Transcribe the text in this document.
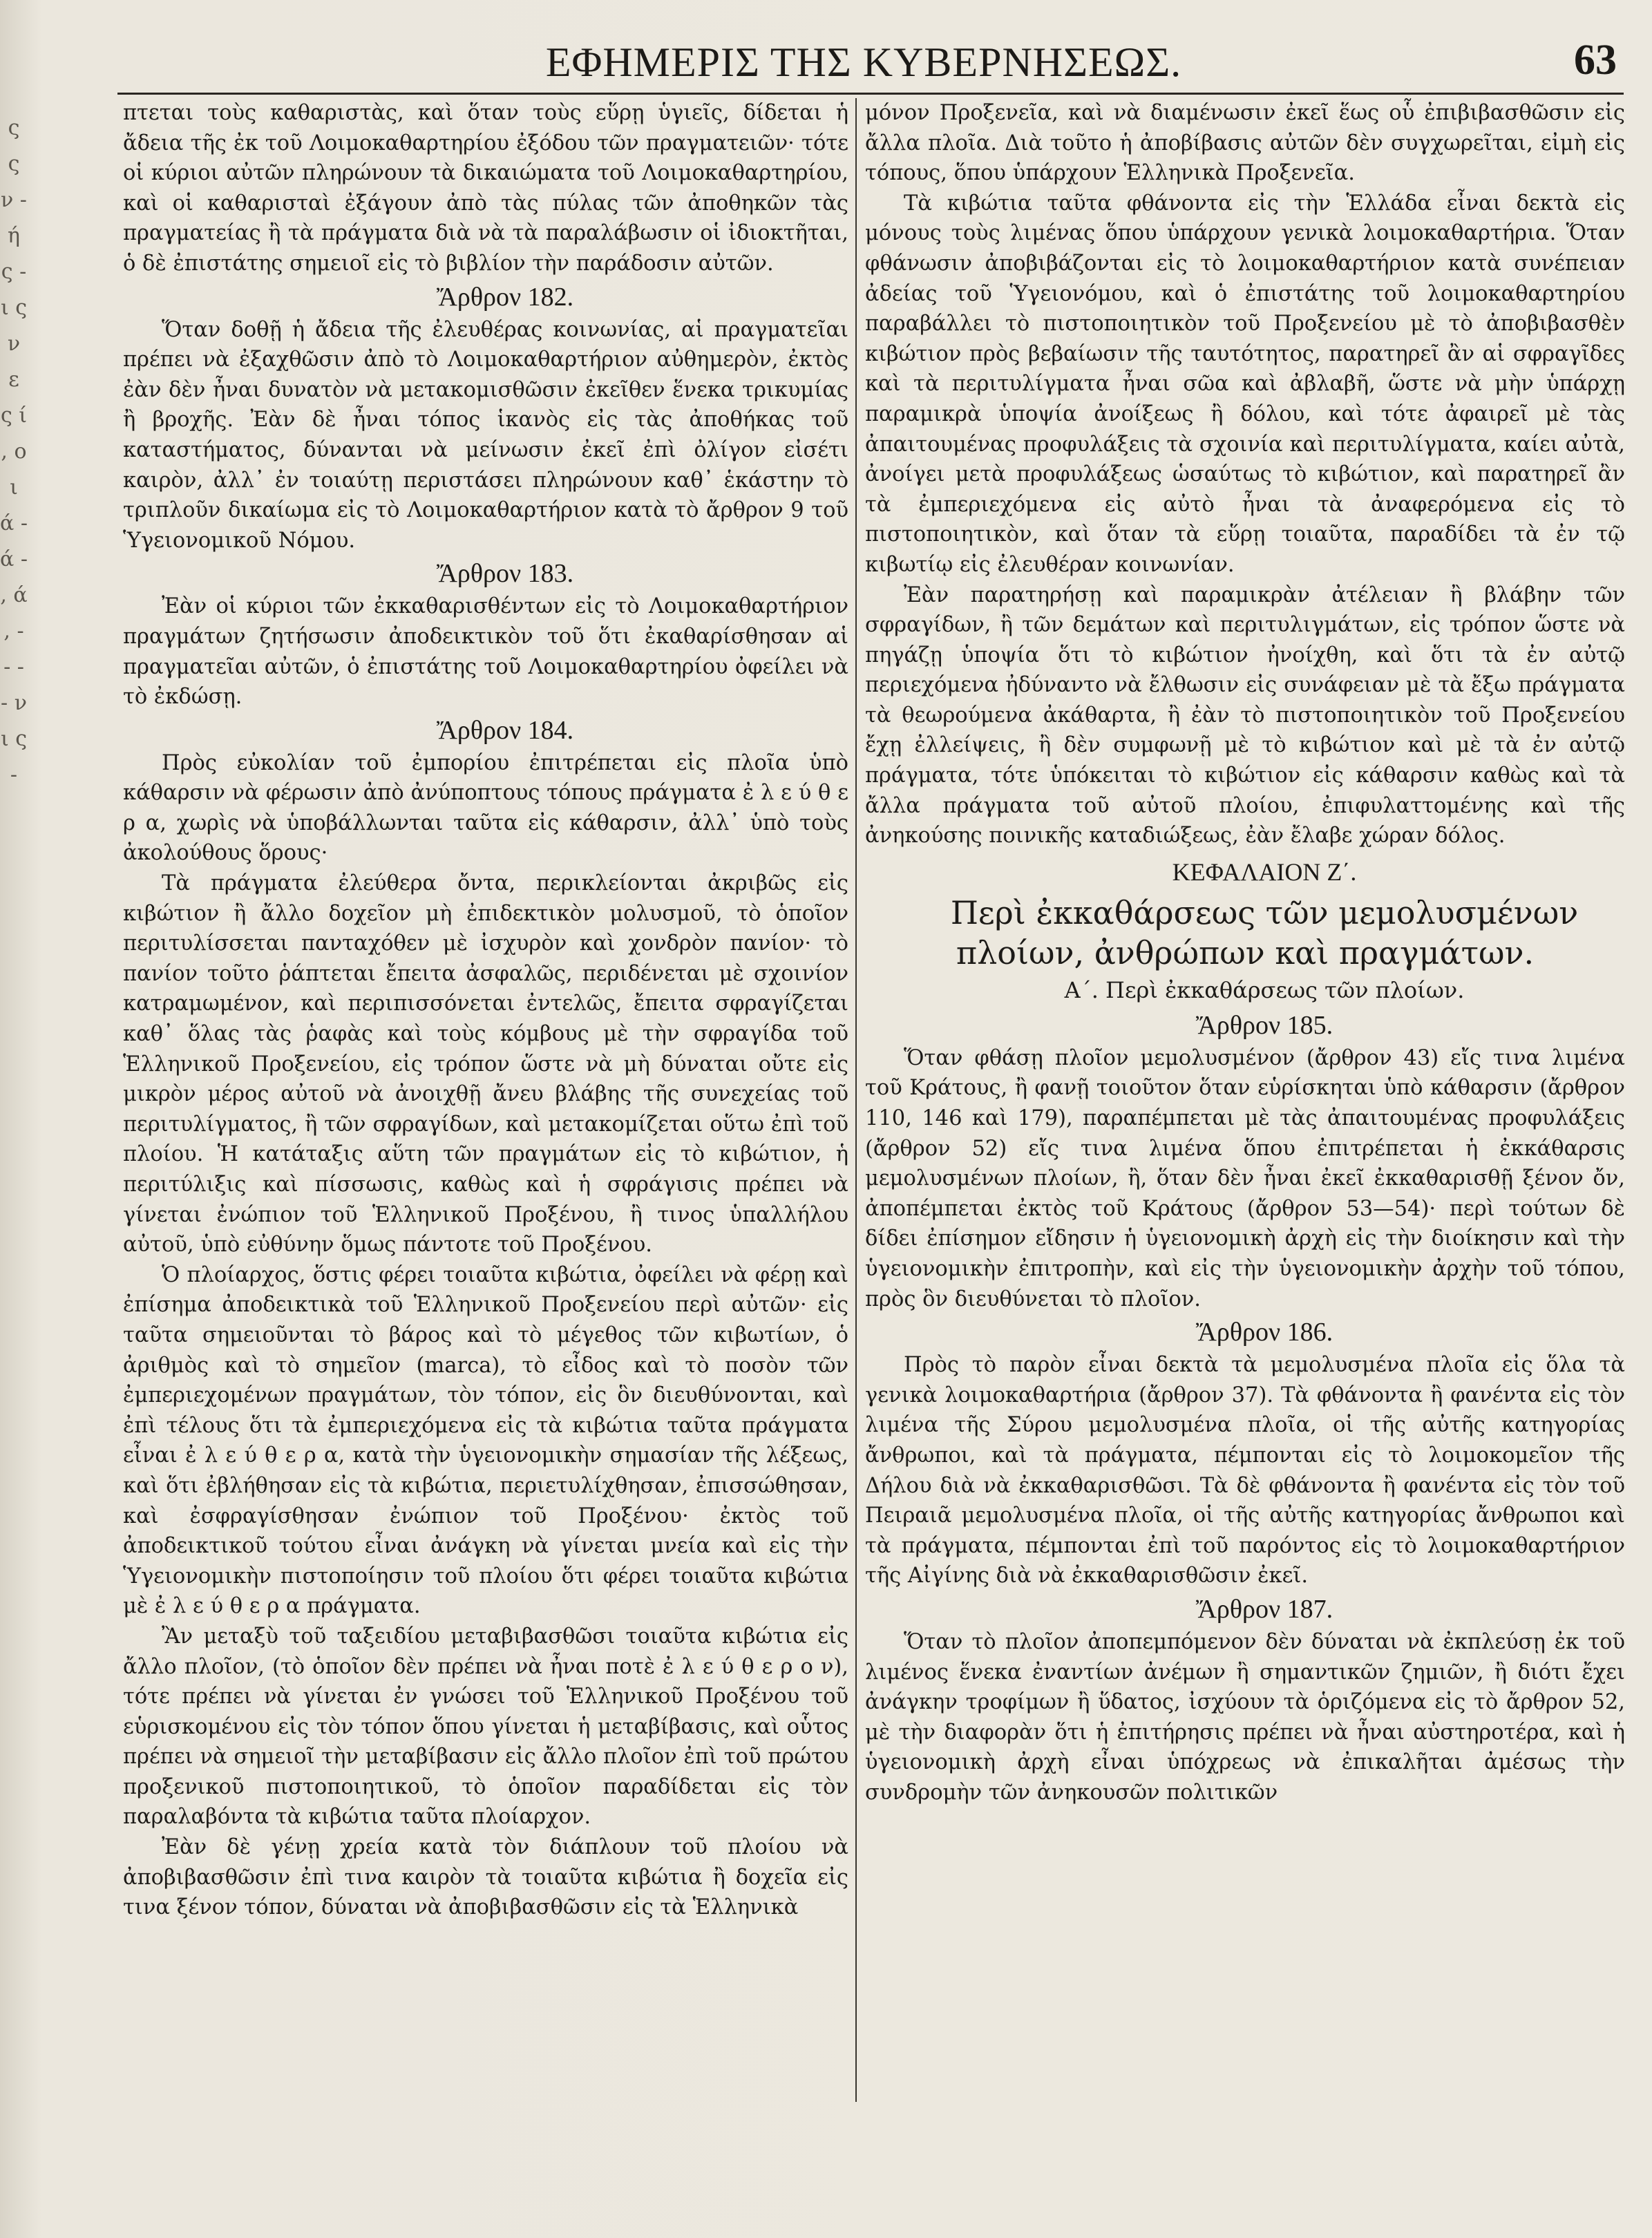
ς ς ν - ή ς - ι ς ν ε ς ί , ο ι ά - ά - , ά , - - - - ν ι ς -
ΕΦΗΜΕΡΙΣ ΤΗΣ ΚΥΒΕΡΝΗΣΕΩΣ.	63

πτεται τοὺς καθαριστὰς, καὶ ὅταν τοὺς εὕρῃ ὑγιεῖς, δίδεται ἡ ἄδεια τῆς ἐκ τοῦ Λοιμοκαθαρτηρίου ἐξόδου τῶν πραγματειῶν· τότε οἱ κύριοι αὐτῶν πληρώνουν τὰ δικαιώματα τοῦ Λοιμοκαθαρτηρίου, καὶ οἱ καθαρισταὶ ἐξάγουν ἀπὸ τὰς πύλας τῶν ἀποθηκῶν τὰς πραγματείας ἢ τὰ πράγματα διὰ νὰ τὰ παραλάβωσιν οἱ ἰδιοκτῆται, ὁ δὲ ἐπιστάτης σημειοῖ εἰς τὸ βιβλίον τὴν παράδοσιν αὐτῶν.

Ἄρθρον 182.

Ὅταν δοθῇ ἡ ἄδεια τῆς ἐλευθέρας κοινωνίας, αἱ πραγματεῖαι πρέπει νὰ ἐξαχθῶσιν ἀπὸ τὸ Λοιμοκαθαρτήριον αὐθημερὸν, ἐκτὸς ἐὰν δὲν ἦναι δυνατὸν νὰ μετακομισθῶσιν ἐκεῖθεν ἕνεκα τρικυμίας ἢ βροχῆς. Ἐὰν δὲ ἦναι τόπος ἱκανὸς εἰς τὰς ἀποθήκας τοῦ καταστήματος, δύνανται νὰ μείνωσιν ἐκεῖ ἐπὶ ὀλίγον εἰσέτι καιρὸν, ἀλλ᾿ ἐν τοιαύτῃ περιστάσει πληρώνουν καθ᾿ ἑκάστην τὸ τριπλοῦν δικαίωμα εἰς τὸ Λοιμοκαθαρτήριον κατὰ τὸ ἄρθρον 9 τοῦ Ὑγειονομικοῦ Νόμου.

Ἄρθρον 183.

Ἐὰν οἱ κύριοι τῶν ἐκκαθαρισθέντων εἰς τὸ Λοιμοκαθαρτήριον πραγμάτων ζητήσωσιν ἀποδεικτικὸν τοῦ ὅτι ἐκαθαρίσθησαν αἱ πραγματεῖαι αὐτῶν, ὁ ἐπιστάτης τοῦ Λοιμοκαθαρτηρίου ὀφείλει νὰ τὸ ἐκδώσῃ.

Ἄρθρον 184.

Πρὸς εὐκολίαν τοῦ ἐμπορίου ἐπιτρέπεται εἰς πλοῖα ὑπὸ κάθαρσιν νὰ φέρωσιν ἀπὸ ἀνύποπτους τόπους πράγματα ἐ λ ε ύ θ ε ρ α, χωρὶς νὰ ὑποβάλλωνται ταῦτα εἰς κάθαρσιν, ἀλλ᾿ ὑπὸ τοὺς ἀκολούθους ὅρους·

Τὰ πράγματα ἐλεύθερα ὄντα, περικλείονται ἀκριβῶς εἰς κιβώτιον ἢ ἄλλο δοχεῖον μὴ ἐπιδεκτικὸν μολυσμοῦ, τὸ ὁποῖον περιτυλίσσεται πανταχόθεν μὲ ἰσχυρὸν καὶ χονδρὸν πανίον· τὸ πανίον τοῦτο ῥάπτεται ἔπειτα ἀσφαλῶς, περιδένεται μὲ σχοινίον κατραμωμένον, καὶ περιπισσόνεται ἐντελῶς, ἔπειτα σφραγίζεται καθ᾿ ὅλας τὰς ῥαφὰς καὶ τοὺς κόμβους μὲ τὴν σφραγίδα τοῦ Ἑλληνικοῦ Προξενείου, εἰς τρόπον ὥστε νὰ μὴ δύναται οὔτε εἰς μικρὸν μέρος αὐτοῦ νὰ ἀνοιχθῇ ἄνευ βλάβης τῆς συνεχείας τοῦ περιτυλίγματος, ἢ τῶν σφραγίδων, καὶ μετακομίζεται οὕτω ἐπὶ τοῦ πλοίου. Ἡ κατάταξις αὕτη τῶν πραγμάτων εἰς τὸ κιβώτιον, ἡ περιτύλιξις καὶ πίσσωσις, καθὼς καὶ ἡ σφράγισις πρέπει νὰ γίνεται ἐνώπιον τοῦ Ἑλληνικοῦ Προξένου, ἢ τινος ὑπαλλήλου αὐτοῦ, ὑπὸ εὐθύνην ὅμως πάντοτε τοῦ Προξένου.

Ὁ πλοίαρχος, ὅστις φέρει τοιαῦτα κιβώτια, ὀφείλει νὰ φέρῃ καὶ ἐπίσημα ἀποδεικτικὰ τοῦ Ἑλληνικοῦ Προξενείου περὶ αὐτῶν· εἰς ταῦτα σημειοῦνται τὸ βάρος καὶ τὸ μέγεθος τῶν κιβωτίων, ὁ ἀριθμὸς καὶ τὸ σημεῖον (marca), τὸ εἶδος καὶ τὸ ποσὸν τῶν ἐμπεριεχομένων πραγμάτων, τὸν τόπον, εἰς ὃν διευθύνονται, καὶ ἐπὶ τέλους ὅτι τὰ ἐμπεριεχόμενα εἰς τὰ κιβώτια ταῦτα πράγματα εἶναι ἐ λ ε ύ θ ε ρ α, κατὰ τὴν ὑγειονομικὴν σημασίαν τῆς λέξεως, καὶ ὅτι ἐβλήθησαν εἰς τὰ κιβώτια, περιετυλίχθησαν, ἐπισσώθησαν, καὶ ἐσφραγίσθησαν ἐνώπιον τοῦ Προξένου· ἐκτὸς τοῦ ἀποδεικτικοῦ τούτου εἶναι ἀνάγκη νὰ γίνεται μνεία καὶ εἰς τὴν Ὑγειονομικὴν πιστοποίησιν τοῦ πλοίου ὅτι φέρει τοιαῦτα κιβώτια μὲ ἐ λ ε ύ θ ε ρ α πράγματα.

Ἂν μεταξὺ τοῦ ταξειδίου μεταβιβασθῶσι τοιαῦτα κιβώτια εἰς ἄλλο πλοῖον, (τὸ ὁποῖον δὲν πρέπει νὰ ἦναι ποτὲ ἐ λ ε ύ θ ε ρ ο ν), τότε πρέπει νὰ γίνεται ἐν γνώσει τοῦ Ἑλληνικοῦ Προξένου τοῦ εὑρισκομένου εἰς τὸν τόπον ὅπου γίνεται ἡ μεταβίβασις, καὶ οὗτος πρέπει νὰ σημειοῖ τὴν μεταβίβασιν εἰς ἄλλο πλοῖον ἐπὶ τοῦ πρώτου προξενικοῦ πιστοποιητικοῦ, τὸ ὁποῖον παραδίδεται εἰς τὸν παραλαβόντα τὰ κιβώτια ταῦτα πλοίαρχον.

Ἐὰν δὲ γένῃ χρεία κατὰ τὸν διάπλουν τοῦ πλοίου νὰ ἀποβιβασθῶσιν ἐπὶ τινα καιρὸν τὰ τοιαῦτα κιβώτια ἢ δοχεῖα εἰς τινα ξένον τόπον, δύναται νὰ ἀποβιβασθῶσιν εἰς τὰ Ἑλληνικὰ

μόνον Προξενεῖα, καὶ νὰ διαμένωσιν ἐκεῖ ἕως οὗ ἐπιβιβασθῶσιν εἰς ἄλλα πλοῖα. Διὰ τοῦτο ἡ ἀποβίβασις αὐτῶν δὲν συγχωρεῖται, εἰμὴ εἰς τόπους, ὅπου ὑπάρχουν Ἑλληνικὰ Προξενεῖα.

Τὰ κιβώτια ταῦτα φθάνοντα εἰς τὴν Ἑλλάδα εἶναι δεκτὰ εἰς μόνους τοὺς λιμένας ὅπου ὑπάρχουν γενικὰ λοιμοκαθαρτήρια. Ὅταν φθάνωσιν ἀποβιβάζονται εἰς τὸ λοιμοκαθαρτήριον κατὰ συνέπειαν ἀδείας τοῦ Ὑγειονόμου, καὶ ὁ ἐπιστάτης τοῦ λοιμοκαθαρτηρίου παραβάλλει τὸ πιστοποιητικὸν τοῦ Προξενείου μὲ τὸ ἀποβιβασθὲν κιβώτιον πρὸς βεβαίωσιν τῆς ταυτότητος, παρατηρεῖ ἂν αἱ σφραγῖδες καὶ τὰ περιτυλίγματα ἦναι σῶα καὶ ἀβλαβῆ, ὥστε νὰ μὴν ὑπάρχῃ παραμικρὰ ὑποψία ἀνοίξεως ἢ δόλου, καὶ τότε ἀφαιρεῖ μὲ τὰς ἀπαιτουμένας προφυλάξεις τὰ σχοινία καὶ περιτυλίγματα, καίει αὐτὰ, ἀνοίγει μετὰ προφυλάξεως ὡσαύτως τὸ κιβώτιον, καὶ παρατηρεῖ ἂν τὰ ἐμπεριεχόμενα εἰς αὐτὸ ἦναι τὰ ἀναφερόμενα εἰς τὸ πιστοποιητικὸν, καὶ ὅταν τὰ εὕρῃ τοιαῦτα, παραδίδει τὰ ἐν τῷ κιβωτίῳ εἰς ἐλευθέραν κοινωνίαν.

Ἐὰν παρατηρήσῃ καὶ παραμικρὰν ἀτέλειαν ἢ βλάβην τῶν σφραγίδων, ἢ τῶν δεμάτων καὶ περιτυλιγμάτων, εἰς τρόπον ὥστε νὰ πηγάζῃ ὑποψία ὅτι τὸ κιβώτιον ἠνοίχθη, καὶ ὅτι τὰ ἐν αὐτῷ περιεχόμενα ἠδύναντο νὰ ἔλθωσιν εἰς συνάφειαν μὲ τὰ ἔξω πράγματα τὰ θεωρούμενα ἀκάθαρτα, ἢ ἐὰν τὸ πιστοποιητικὸν τοῦ Προξενείου ἔχῃ ἐλλείψεις, ἢ δὲν συμφωνῇ μὲ τὸ κιβώτιον καὶ μὲ τὰ ἐν αὐτῷ πράγματα, τότε ὑπόκειται τὸ κιβώτιον εἰς κάθαρσιν καθὼς καὶ τὰ ἄλλα πράγματα τοῦ αὐτοῦ πλοίου, ἐπιφυλαττομένης καὶ τῆς ἀνηκούσης ποινικῆς καταδιώξεως, ἐὰν ἔλαβε χώραν δόλος.

ΚΕΦΑΛΑΙΟΝ Ζ΄.

Περὶ ἐκκαθάρσεως τῶν μεμολυσμένων πλοίων, ἀνθρώπων καὶ πραγμάτων.

Α΄. Περὶ ἐκκαθάρσεως τῶν πλοίων.

Ἄρθρον 185.

Ὅταν φθάσῃ πλοῖον μεμολυσμένον (ἄρθρον 43) εἴς τινα λιμένα τοῦ Κράτους, ἢ φανῇ τοιοῦτον ὅταν εὑρίσκηται ὑπὸ κάθαρσιν (ἄρθρον 110, 146 καὶ 179), παραπέμπεται μὲ τὰς ἀπαιτουμένας προφυλάξεις (ἄρθρον 52) εἴς τινα λιμένα ὅπου ἐπιτρέπεται ἡ ἐκκάθαρσις μεμολυσμένων πλοίων, ἢ, ὅταν δὲν ἦναι ἐκεῖ ἐκκαθαρισθῇ ξένον ὄν, ἀποπέμπεται ἐκτὸς τοῦ Κράτους (ἄρθρον 53—54)· περὶ τούτων δὲ δίδει ἐπίσημον εἴδησιν ἡ ὑγειονομικὴ ἀρχὴ εἰς τὴν διοίκησιν καὶ τὴν ὑγειονομικὴν ἐπιτροπὴν, καὶ εἰς τὴν ὑγειονομικὴν ἀρχὴν τοῦ τόπου, πρὸς ὃν διευθύνεται τὸ πλοῖον.

Ἄρθρον 186.

Πρὸς τὸ παρὸν εἶναι δεκτὰ τὰ μεμολυσμένα πλοῖα εἰς ὅλα τὰ γενικὰ λοιμοκαθαρτήρια (ἄρθρον 37). Τὰ φθάνοντα ἢ φανέντα εἰς τὸν λιμένα τῆς Σύρου μεμολυσμένα πλοῖα, οἱ τῆς αὐτῆς κατηγορίας ἄνθρωποι, καὶ τὰ πράγματα, πέμπονται εἰς τὸ λοιμοκομεῖον τῆς Δήλου διὰ νὰ ἐκκαθαρισθῶσι. Τὰ δὲ φθάνοντα ἢ φανέντα εἰς τὸν τοῦ Πειραιᾶ μεμολυσμένα πλοῖα, οἱ τῆς αὐτῆς κατηγορίας ἄνθρωποι καὶ τὰ πράγματα, πέμπονται ἐπὶ τοῦ παρόντος εἰς τὸ λοιμοκαθαρτήριον τῆς Αἰγίνης διὰ νὰ ἐκκαθαρισθῶσιν ἐκεῖ.

Ἄρθρον 187.

Ὅταν τὸ πλοῖον ἀποπεμπόμενον δὲν δύναται νὰ ἐκπλεύσῃ ἐκ τοῦ λιμένος ἕνεκα ἐναντίων ἀνέμων ἢ σημαντικῶν ζημιῶν, ἢ διότι ἔχει ἀνάγκην τροφίμων ἢ ὕδατος, ἰσχύουν τὰ ὁριζόμενα εἰς τὸ ἄρθρον 52, μὲ τὴν διαφορὰν ὅτι ἡ ἐπιτήρησις πρέπει νὰ ἦναι αὐστηροτέρα, καὶ ἡ ὑγειονομικὴ ἀρχὴ εἶναι ὑπόχρεως νὰ ἐπικαλῆται ἀμέσως τὴν συνδρομὴν τῶν ἀνηκουσῶν πολιτικῶν
